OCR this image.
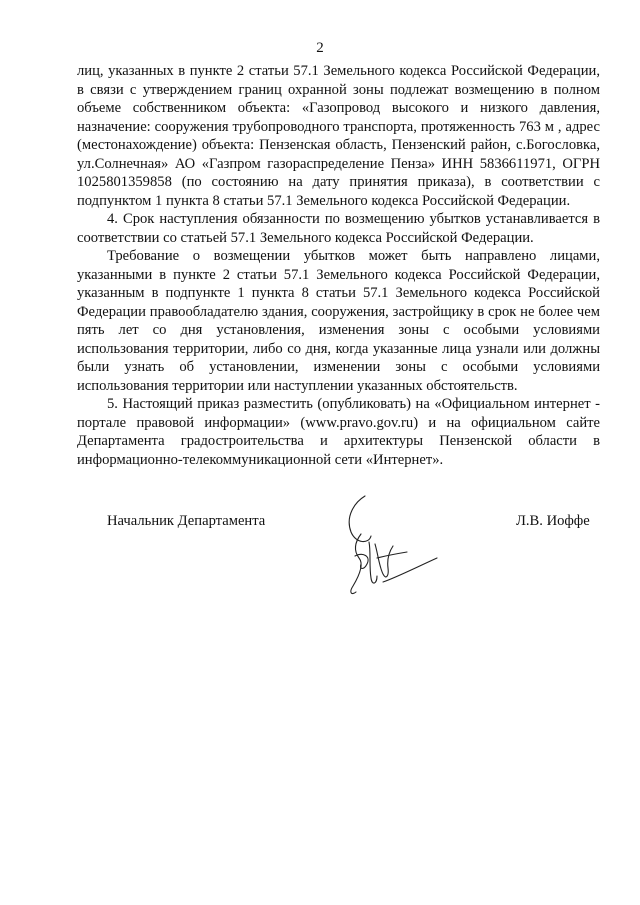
2

лиц, указанных в пункте 2 статьи 57.1 Земельного кодекса Российской Федерации, в связи с утверждением границ охранной зоны подлежат возмещению в полном объеме собственником объекта: «Газопровод высокого и низкого давления, назначение: сооружения трубопроводного транспорта, протяженность 763 м , адрес (местонахождение) объекта: Пензенская область, Пензенский район, с.Богословка, ул.Солнечная» АО «Газпром газораспределение Пенза» ИНН 5836611971, ОГРН 1025801359858 (по состоянию на дату принятия приказа), в соответствии с подпунктом 1 пункта 8 статьи 57.1 Земельного кодекса Российской Федерации.

4. Срок наступления обязанности по возмещению убытков устанавливается в соответствии со статьей 57.1 Земельного кодекса Российской Федерации.

Требование о возмещении убытков может быть направлено лицами, указанными в пункте 2 статьи 57.1 Земельного кодекса Российской Федерации, указанным в подпункте 1 пункта 8 статьи 57.1 Земельного кодекса Российской Федерации правообладателю здания, сооружения, застройщику в срок не более чем пять лет со дня установления, изменения зоны с особыми условиями использования территории, либо со дня, когда указанные лица узнали или должны были узнать об установлении, изменении зоны с особыми условиями использования территории или наступлении указанных обстоятельств.

5. Настоящий приказ разместить (опубликовать) на «Официальном интернет - портале правовой информации» (www.pravo.gov.ru) и на официальном сайте Департамента градостроительства и архитектуры Пензенской области в информационно-телекоммуникационной сети «Интернет».

Начальник Департамента	Л.В. Иоффе
